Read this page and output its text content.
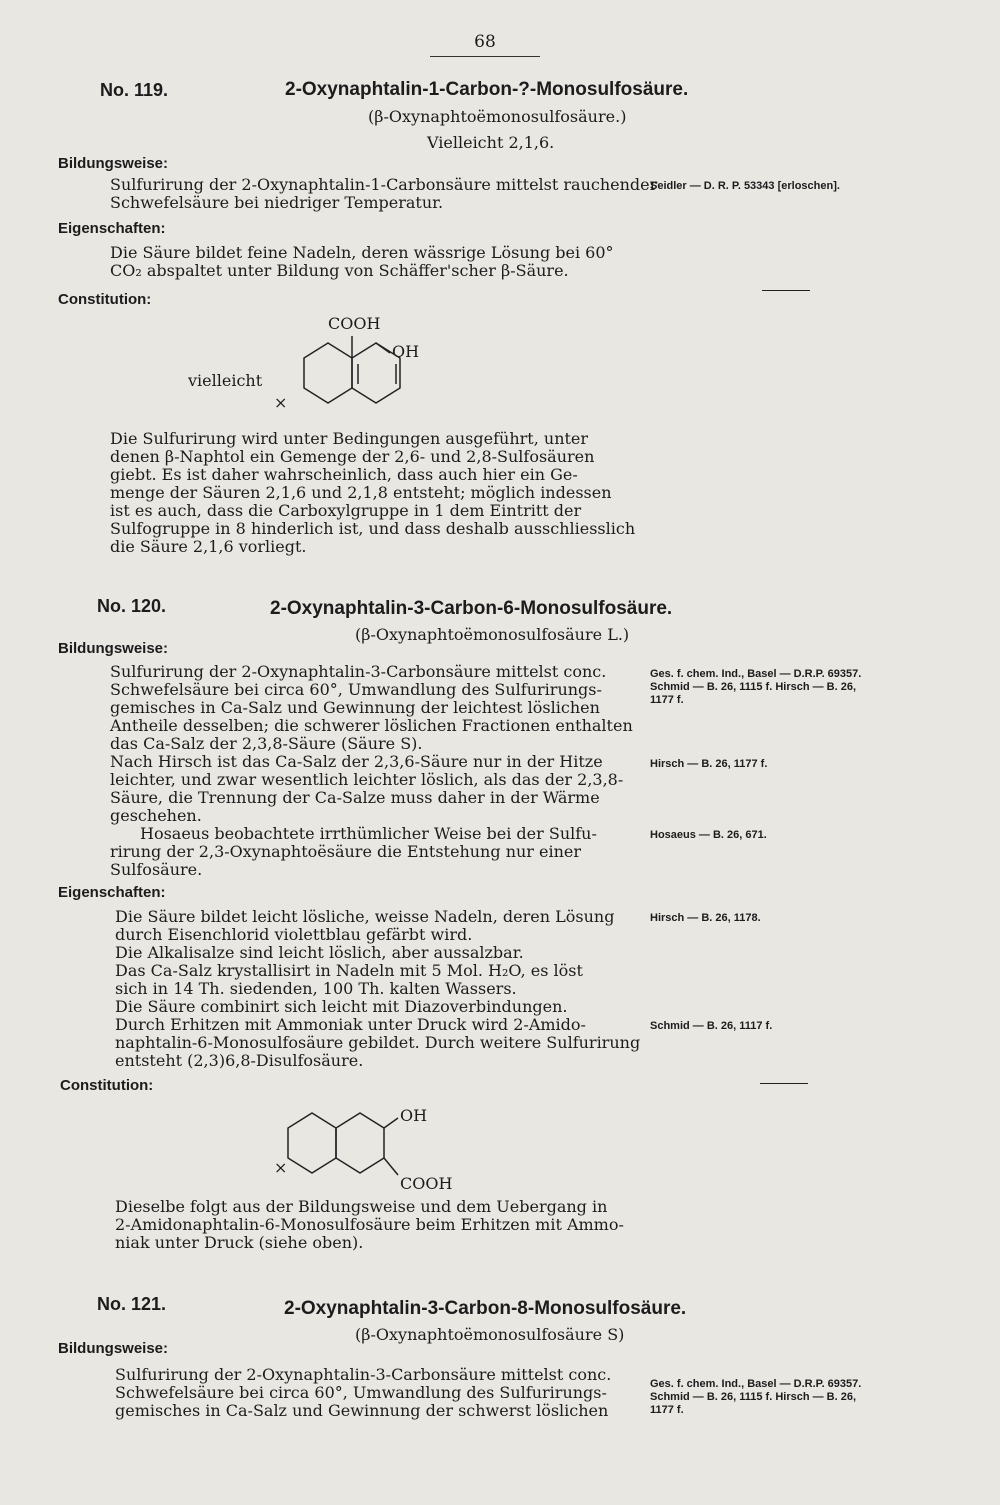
68
No. 119.	2-Oxynaphtalin-1-Carbon-?-Monosulfosäure.
(β-Oxynaphtoëmonosulfosäure.)
Vielleicht 2,1,6.
Bildungsweise:
Sulfurirung der 2-Oxynaphtalin-1-Carbonsäure mittelst rauchender
Schwefelsäure bei niedriger Temperatur.
Seidler — D. R. P. 53343 [erloschen].
Eigenschaften:
Die Säure bildet feine Nadeln, deren wässrige Lösung bei 60°
CO₂ abspaltet unter Bildung von Schäffer'scher β-Säure.
Constitution:
vielleicht
COOH
OH
×
Die Sulfurirung wird unter Bedingungen ausgeführt, unter
denen β-Naphtol ein Gemenge der 2,6- und 2,8-Sulfosäuren
giebt. Es ist daher wahrscheinlich, dass auch hier ein Ge-
menge der Säuren 2,1,6 und 2,1,8 entsteht; möglich indessen
ist es auch, dass die Carboxylgruppe in 1 dem Eintritt der
Sulfogruppe in 8 hinderlich ist, und dass deshalb ausschliesslich
die Säure 2,1,6 vorliegt.
No. 120.	2-Oxynaphtalin-3-Carbon-6-Monosulfosäure.
(β-Oxynaphtoëmonosulfosäure L.)
Bildungsweise:
Sulfurirung der 2-Oxynaphtalin-3-Carbonsäure mittelst conc.
Schwefelsäure bei circa 60°, Umwandlung des Sulfurirungs-
gemisches in Ca-Salz und Gewinnung der leichtest löslichen
Antheile desselben; die schwerer löslichen Fractionen enthalten
das Ca-Salz der 2,3,8-Säure (Säure S).
Nach Hirsch ist das Ca-Salz der 2,3,6-Säure nur in der Hitze
leichter, und zwar wesentlich leichter löslich, als das der 2,3,8-
Säure, die Trennung der Ca-Salze muss daher in der Wärme
geschehen.
Hosaeus beobachtete irrthümlicher Weise bei der Sulfu-
rirung der 2,3-Oxynaphtoësäure die Entstehung nur einer
Sulfosäure.
Ges. f. chem. Ind., Basel — D.R.P. 69357.
Schmid — B. 26, 1115 f. Hirsch — B. 26,
1177 f.
Hirsch — B. 26, 1177 f.
Hosaeus — B. 26, 671.
Eigenschaften:
Die Säure bildet leicht lösliche, weisse Nadeln, deren Lösung
durch Eisenchlorid violettblau gefärbt wird.
Die Alkalisalze sind leicht löslich, aber aussalzbar.
Das Ca-Salz krystallisirt in Nadeln mit 5 Mol. H₂O, es löst
sich in 14 Th. siedenden, 100 Th. kalten Wassers.
Die Säure combinirt sich leicht mit Diazoverbindungen.
Durch Erhitzen mit Ammoniak unter Druck wird 2-Amido-
naphtalin-6-Monosulfosäure gebildet. Durch weitere Sulfurirung
entsteht (2,3)6,8-Disulfosäure.
Hirsch — B. 26, 1178.
Schmid — B. 26, 1117 f.
Constitution:
OH
COOH
×
Dieselbe folgt aus der Bildungsweise und dem Uebergang in
2-Amidonaphtalin-6-Monosulfosäure beim Erhitzen mit Ammo-
niak unter Druck (siehe oben).
No. 121.	2-Oxynaphtalin-3-Carbon-8-Monosulfosäure.
(β-Oxynaphtoëmonosulfosäure S)
Bildungsweise:
Sulfurirung der 2-Oxynaphtalin-3-Carbonsäure mittelst conc.
Schwefelsäure bei circa 60°, Umwandlung des Sulfurirungs-
gemisches in Ca-Salz und Gewinnung der schwerst löslichen
Ges. f. chem. Ind., Basel — D.R.P. 69357.
Schmid — B. 26, 1115 f. Hirsch — B. 26,
1177 f.
